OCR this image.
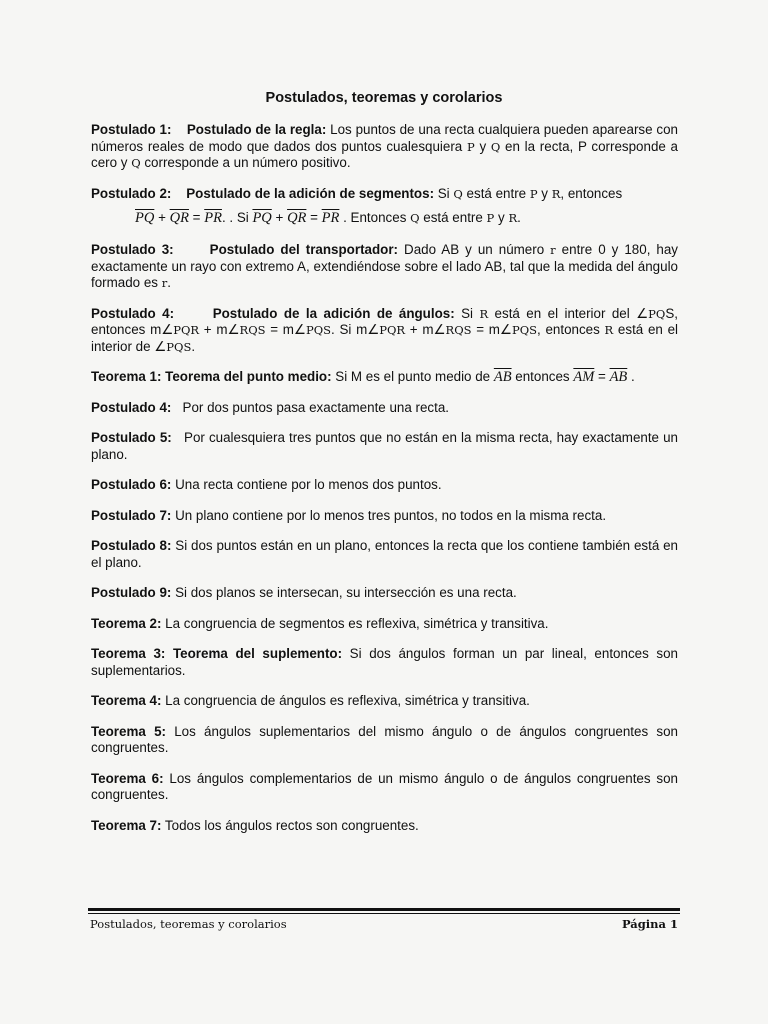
Postulados, teoremas y corolarios

Postulado 1: Postulado de la regla: Los puntos de una recta cualquiera pueden aparearse con números reales de modo que dados dos puntos cualesquiera P y Q en la recta, P corresponde a cero y Q corresponde a un número positivo.

Postulado 2: Postulado de la adición de segmentos: Si Q está entre P y R, entonces

$\overline{PQ} + \overline{QR} = \overline{PR}$. . Si $\overline{PQ} + \overline{QR} = \overline{PR}$ . Entonces Q está entre P y R.

Postulado 3:	Postulado del transportador: Dado AB y un número r entre 0 y 180, hay exactamente un rayo con extremo A, extendiéndose sobre el lado AB, tal que la medida del ángulo formado es r.

Postulado 4:	Postulado de la adición de ángulos: Si R está en el interior del ∠PQS, entonces m∠PQR + m∠RQS = m∠PQS. Si m∠PQR + m∠RQS = m∠PQS, entonces R está en el interior de ∠PQS.

Teorema 1: Teorema del punto medio: Si M es el punto medio de $\overline{AB}$ entonces $\overline{AM} = \overline{AB}$ .

Postulado 4:   Por dos puntos pasa exactamente una recta.

Postulado 5:   Por cualesquiera tres puntos que no están en la misma recta, hay exactamente un plano.

Postulado 6: Una recta contiene por lo menos dos puntos.

Postulado 7: Un plano contiene por lo menos tres puntos, no todos en la misma recta.

Postulado 8: Si dos puntos están en un plano, entonces la recta que los contiene también está en el plano.

Postulado 9: Si dos planos se intersecan, su intersección es una recta.

Teorema 2: La congruencia de segmentos es reflexiva, simétrica y transitiva.

Teorema 3: Teorema del suplemento: Si dos ángulos forman un par lineal, entonces son suplementarios.

Teorema 4: La congruencia de ángulos es reflexiva, simétrica y transitiva.

Teorema 5: Los ángulos suplementarios del mismo ángulo o de ángulos congruentes son congruentes.

Teorema 6: Los ángulos complementarios de un mismo ángulo o de ángulos congruentes son congruentes.

Teorema 7: Todos los ángulos rectos son congruentes.

Postulados, teoremas y corolarios	Página 1
